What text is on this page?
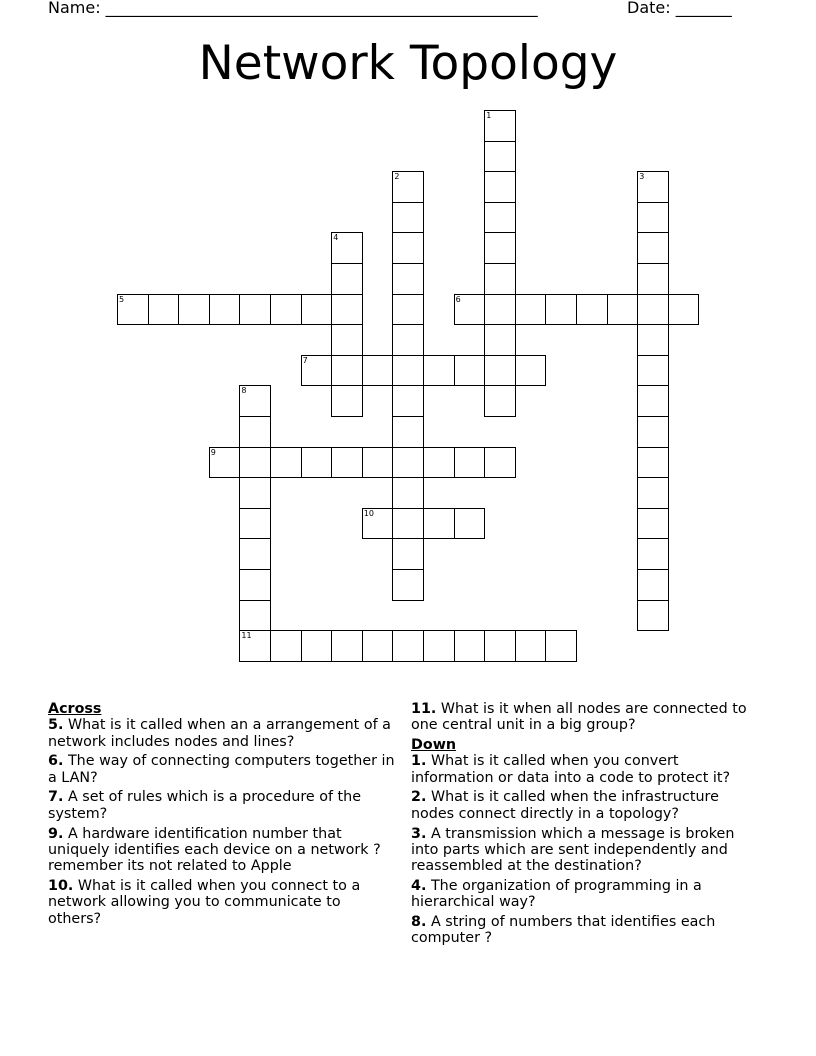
Name: ______________________________________________________	Date: _______
Network Topology
1
2	3
4
5	6
7
8
11
9
10

Across

5. What is it called when an a arrangement of a network includes nodes and lines?

6. The way of connecting computers together in a LAN?

7. A set of rules which is a procedure of the system?

9. A hardware identification number that uniquely identifies each device on a network ?remember its not related to Apple

10. What is it called when you connect to a network allowing you to communicate to others?

11. What is it when all nodes are connected to one central unit in a big group?

Down

1. What is it called when you convert information or data into a code to protect it?

2. What is it called when the infrastructure nodes connect directly in a topology?

3. A transmission which a message is broken into parts which are sent independently and reassembled at the destination?

4. The organization of programming in a hierarchical way?

8. A string of numbers that identifies each computer ?
